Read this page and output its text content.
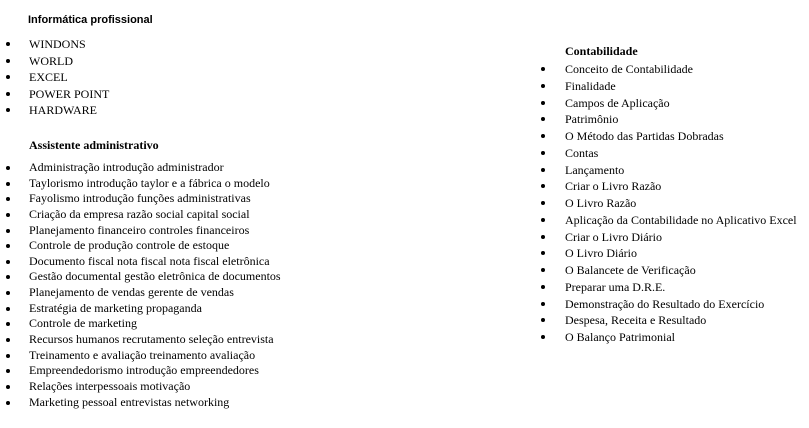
Informática profissional
WINDONS
WORLD
EXCEL
POWER POINT
HARDWARE
Assistente administrativo
Administração introdução administrador
Taylorismo introdução taylor e a fábrica o modelo
Fayolismo introdução funções administrativas
Criação da empresa razão social capital social
Planejamento financeiro controles financeiros
Controle de produção controle de estoque
Documento fiscal nota fiscal nota fiscal eletrônica
Gestão documental gestão eletrônica de documentos
Planejamento de vendas gerente de vendas
Estratégia de marketing propaganda
Controle de marketing
Recursos humanos recrutamento seleção entrevista
Treinamento e avaliação treinamento avaliação
Empreendedorismo introdução empreendedores
Relações interpessoais motivação
Marketing pessoal entrevistas networking
Contabilidade
Conceito de Contabilidade
Finalidade
Campos de Aplicação
Patrimônio
O Método das Partidas Dobradas
Contas
Lançamento
Criar o Livro Razão
O Livro Razão
Aplicação da Contabilidade no Aplicativo Excel
Criar o Livro Diário
O Livro Diário
O Balancete de Verificação
Preparar uma D.R.E.
Demonstração do Resultado do Exercício
Despesa, Receita e Resultado
O Balanço Patrimonial
